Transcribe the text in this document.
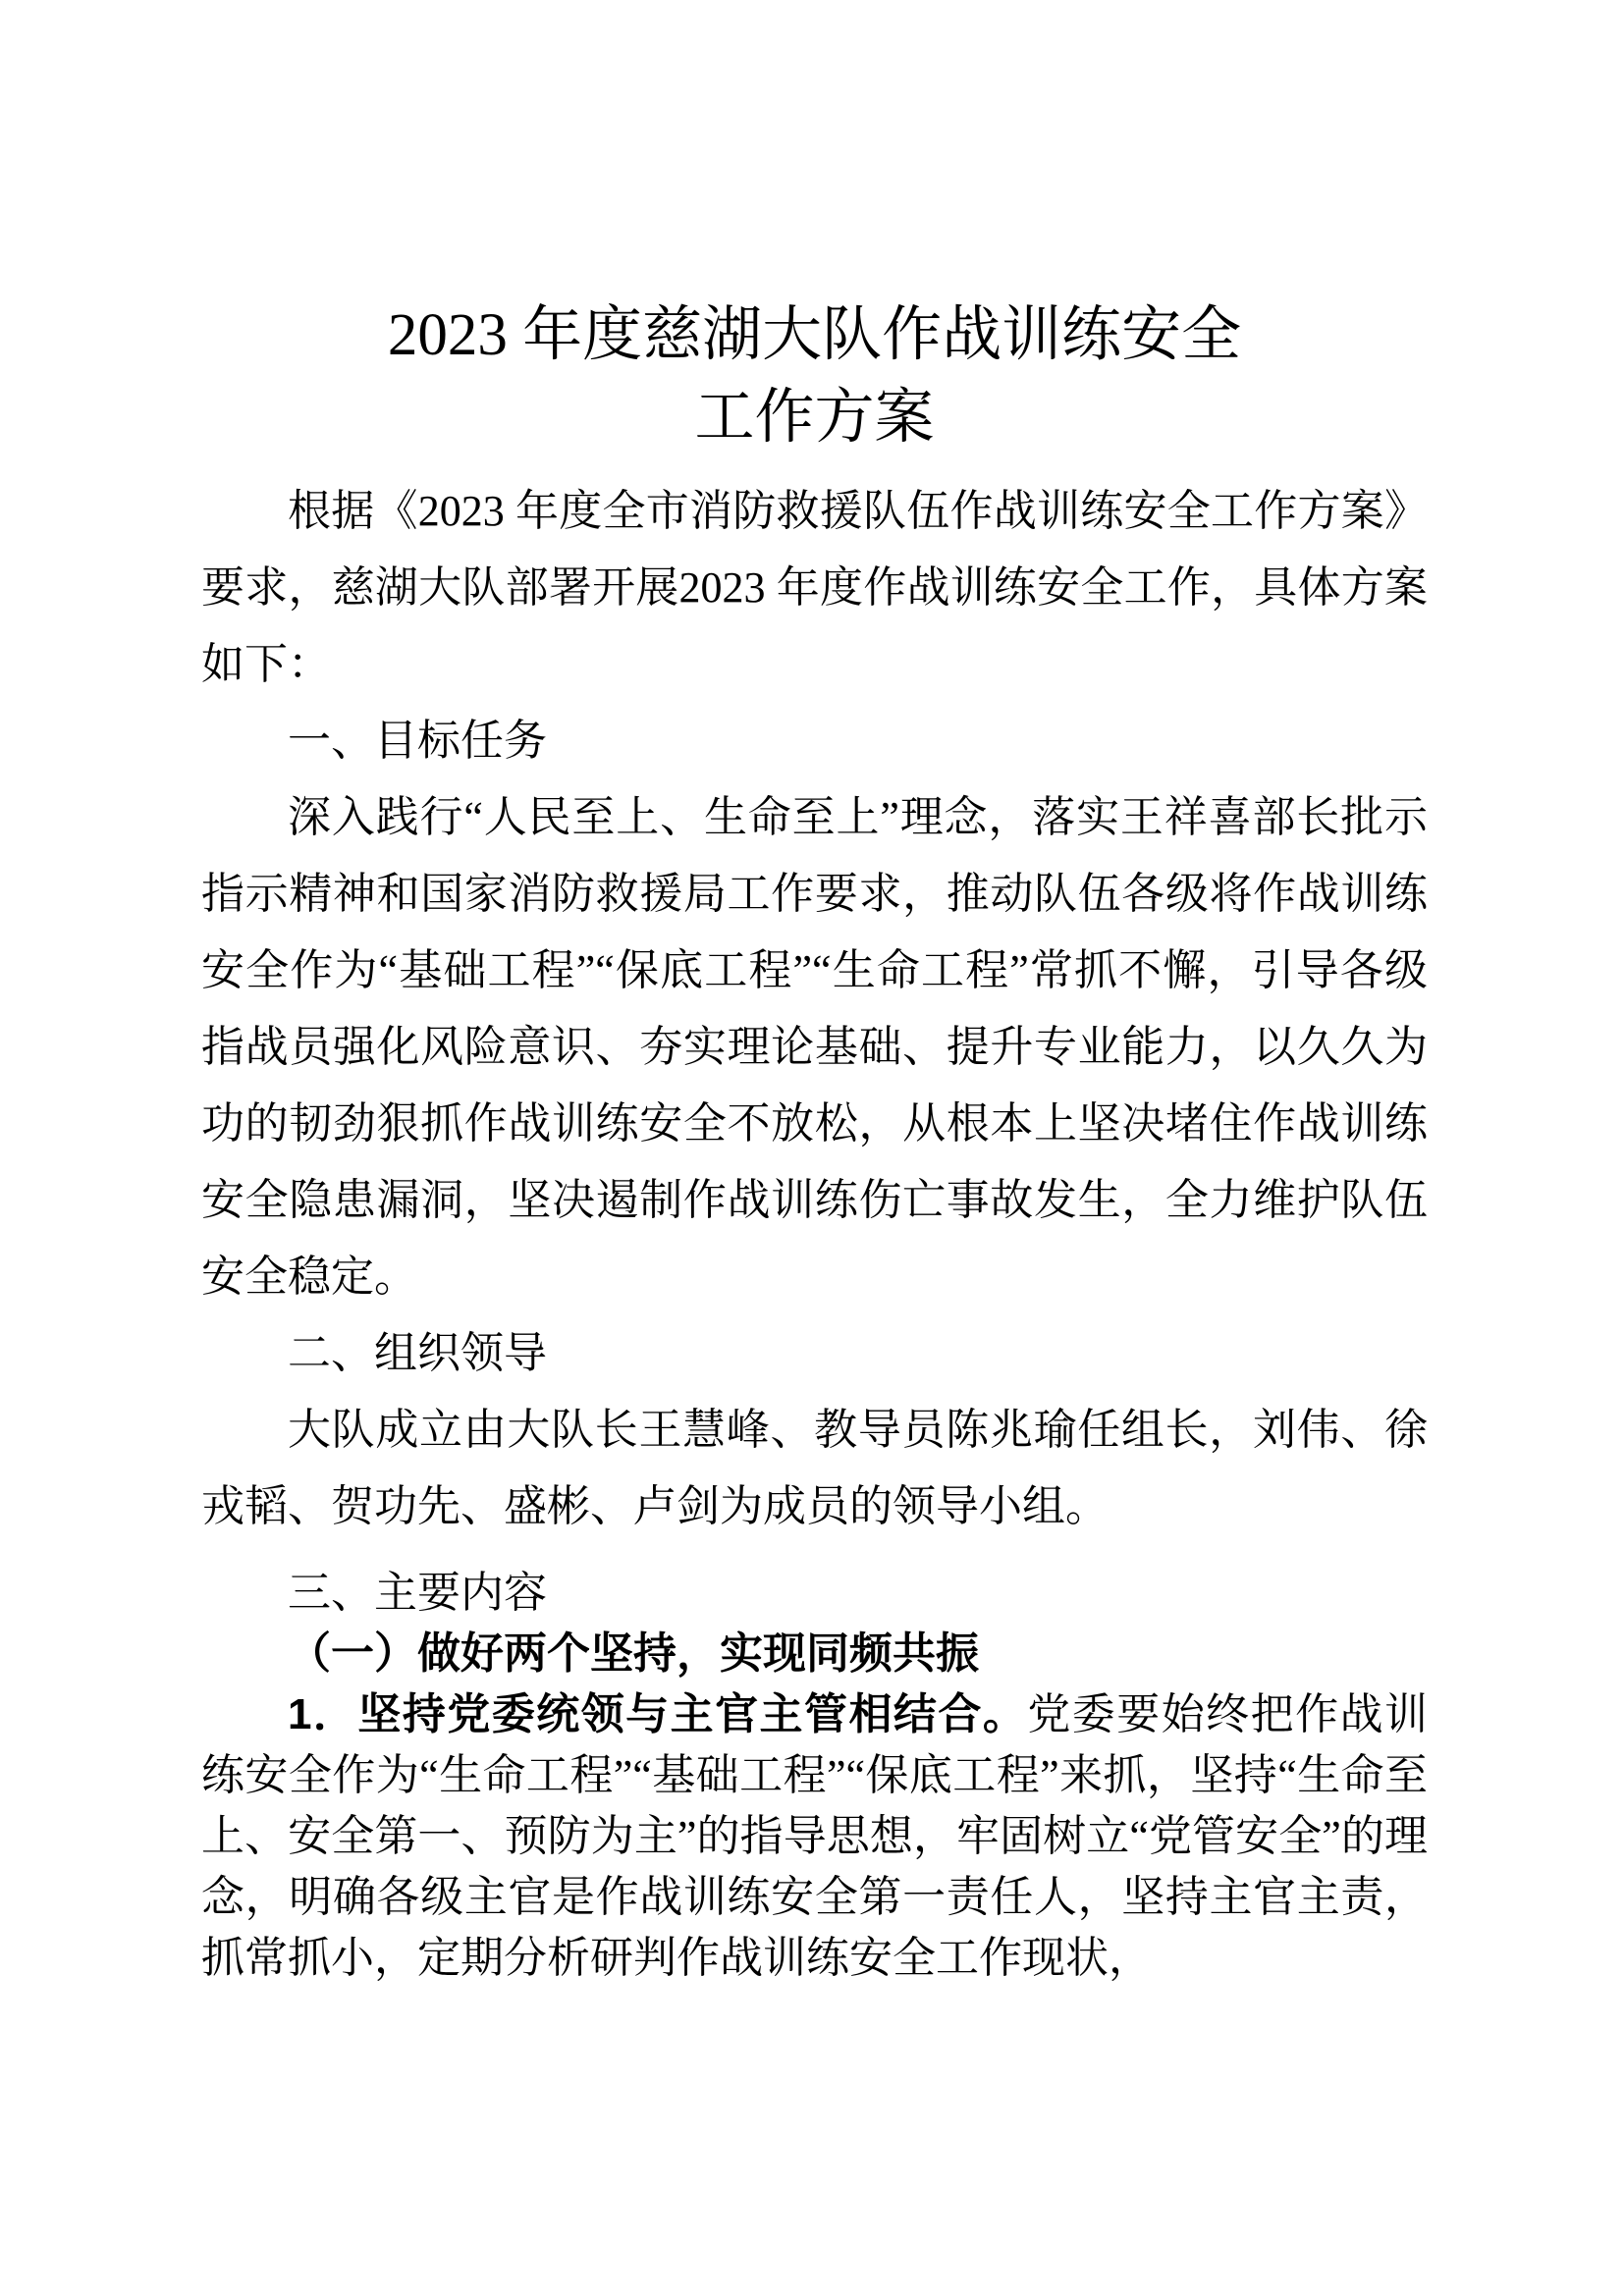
2023 年度慈湖大队作战训练安全
工作方案

根据《2023 年度全市消防救援队伍作战训练安全工作方案》要求，慈湖大队部署开展2023 年度作战训练安全工作，具体方案如下：

一、目标任务

深入践行“人民至上、生命至上”理念，落实王祥喜部长批示指示精神和国家消防救援局工作要求，推动队伍各级将作战训练安全作为“基础工程”“保底工程”“生命工程”常抓不懈，引导各级指战员强化风险意识、夯实理论基础、提升专业能力，以久久为功的韧劲狠抓作战训练安全不放松，从根本上坚决堵住作战训练安全隐患漏洞，坚决遏制作战训练伤亡事故发生，全力维护队伍安全稳定。

二、组织领导

大队成立由大队长王慧峰、教导员陈兆瑜任组长，刘伟、徐戎韬、贺功先、盛彬、卢剑为成员的领导小组。

三、主要内容

（一）做好两个坚持，实现同频共振

1．坚持党委统领与主官主管相结合。党委要始终把作战训练安全作为“生命工程”“基础工程”“保底工程”来抓，坚持“生命至上、安全第一、预防为主”的指导思想，牢固树立“党管安全”的理念，明确各级主官是作战训练安全第一责任人，坚持主官主责，抓常抓小，定期分析研判作战训练安全工作现状，
